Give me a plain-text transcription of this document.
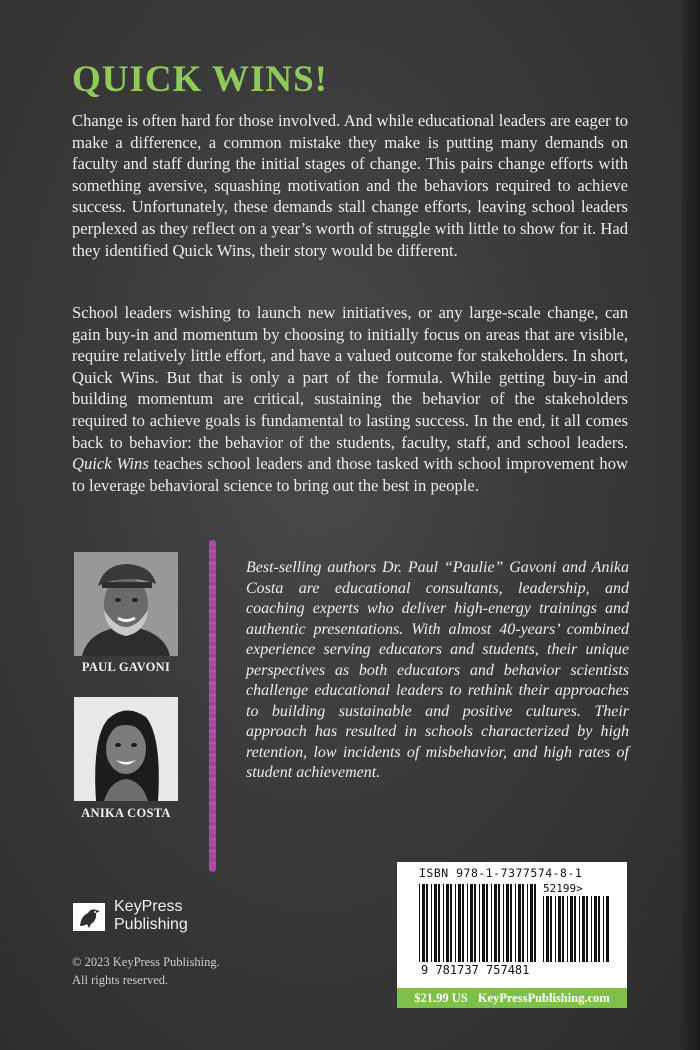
QUICK WINS!

Change is often hard for those involved. And while educational leaders are eager to make a difference, a common mistake they make is putting many demands on faculty and staff during the initial stages of change. This pairs change efforts with something aversive, squashing motivation and the behaviors required to achieve success. Unfortunately, these demands stall change efforts, leaving school leaders perplexed as they reflect on a year’s worth of struggle with little to show for it. Had they identified Quick Wins, their story would be different.

School leaders wishing to launch new initiatives, or any large-scale change, can gain buy-in and momentum by choosing to initially focus on areas that are visible, require relatively little effort, and have a valued outcome for stakeholders. In short, Quick Wins. But that is only a part of the formula. While getting buy-in and building momentum are critical, sustaining the behavior of the stakeholders required to achieve goals is fundamental to lasting success. In the end, it all comes back to behavior: the behavior of the students, faculty, staff, and school leaders. Quick Wins teaches school leaders and those tasked with school improvement how to leverage behavioral science to bring out the best in people.

PAUL GAVONI
ANIKA COSTA

Best-selling authors Dr. Paul “Paulie” Gavoni and Anika Costa are educational consultants, leadership, and coaching experts who deliver high-energy trainings and authentic presentations. With almost 40-years’ combined experience serving educators and students, their unique perspectives as both educators and behavior scientists challenge educational leaders to rethink their approaches to building sustainable and positive cultures. Their approach has resulted in schools characterized by high retention, low incidents of misbehavior, and high rates of student achievement.

KeyPress
Publishing
© 2023 KeyPress Publishing.
All rights reserved.
ISBN 978-1-7377574-8-1
52199>
9 781737 757481
$21.99 US KeyPressPublishing.com
